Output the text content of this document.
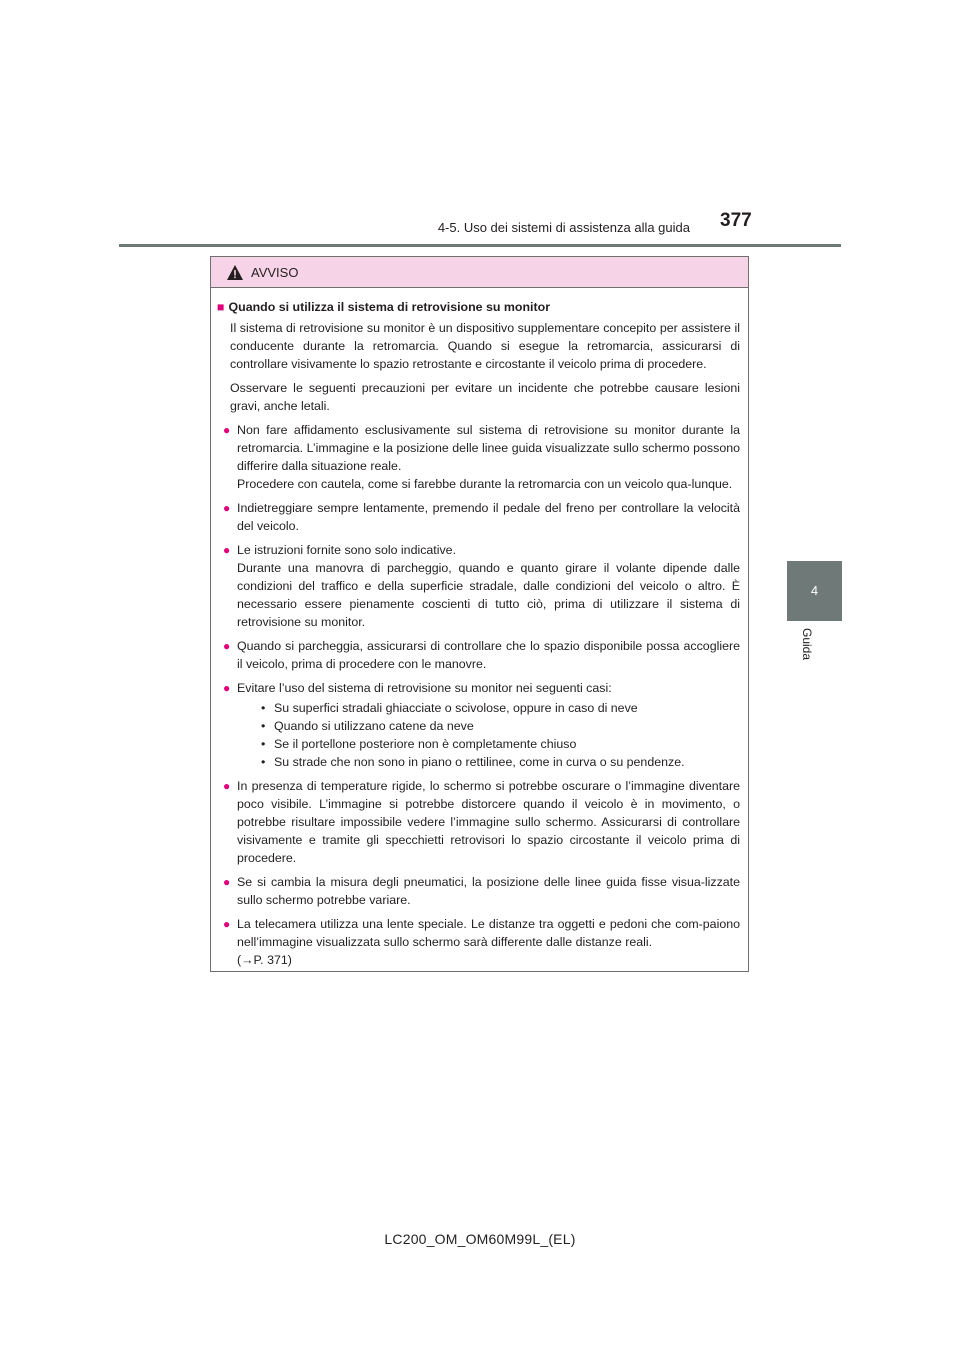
4-5. Uso dei sistemi di assistenza alla guida 377
4
Guida
AVVISO
■ Quando si utilizza il sistema di retrovisione su monitor

Il sistema di retrovisione su monitor è un dispositivo supplementare concepito per assistere il conducente durante la retromarcia. Quando si esegue la retromarcia, assicurarsi di controllare visivamente lo spazio retrostante e circostante il veicolo prima di procedere.

Osservare le seguenti precauzioni per evitare un incidente che potrebbe causare lesioni gravi, anche letali.

● Non fare affidamento esclusivamente sul sistema di retrovisione su monitor durante la retromarcia. L’immagine e la posizione delle linee guida visualizzate sullo schermo possono differire dalla situazione reale.
Procedere con cautela, come si farebbe durante la retromarcia con un veicolo qua-lunque.
● Indietreggiare sempre lentamente, premendo il pedale del freno per controllare la velocità del veicolo.
● Le istruzioni fornite sono solo indicative.
Durante una manovra di parcheggio, quando e quanto girare il volante dipende dalle condizioni del traffico e della superficie stradale, dalle condizioni del veicolo o altro. È necessario essere pienamente coscienti di tutto ciò, prima di utilizzare il sistema di retrovisione su monitor.
● Quando si parcheggia, assicurarsi di controllare che lo spazio disponibile possa accogliere il veicolo, prima di procedere con le manovre.
● Evitare l’uso del sistema di retrovisione su monitor nei seguenti casi:
• Su superfici stradali ghiacciate o scivolose, oppure in caso di neve
• Quando si utilizzano catene da neve
• Se il portellone posteriore non è completamente chiuso
• Su strade che non sono in piano o rettilinee, come in curva o su pendenze.
● In presenza di temperature rigide, lo schermo si potrebbe oscurare o l’immagine diventare poco visibile. L’immagine si potrebbe distorcere quando il veicolo è in movimento, o potrebbe risultare impossibile vedere l’immagine sullo schermo. Assicurarsi di controllare visivamente e tramite gli specchietti retrovisori lo spazio circostante il veicolo prima di procedere.
● Se si cambia la misura degli pneumatici, la posizione delle linee guida fisse visua-lizzate sullo schermo potrebbe variare.
● La telecamera utilizza una lente speciale. Le distanze tra oggetti e pedoni che com-paiono nell’immagine visualizzata sullo schermo sarà differente dalle distanze reali.
(→P. 371)
LC200_OM_OM60M99L_(EL)
